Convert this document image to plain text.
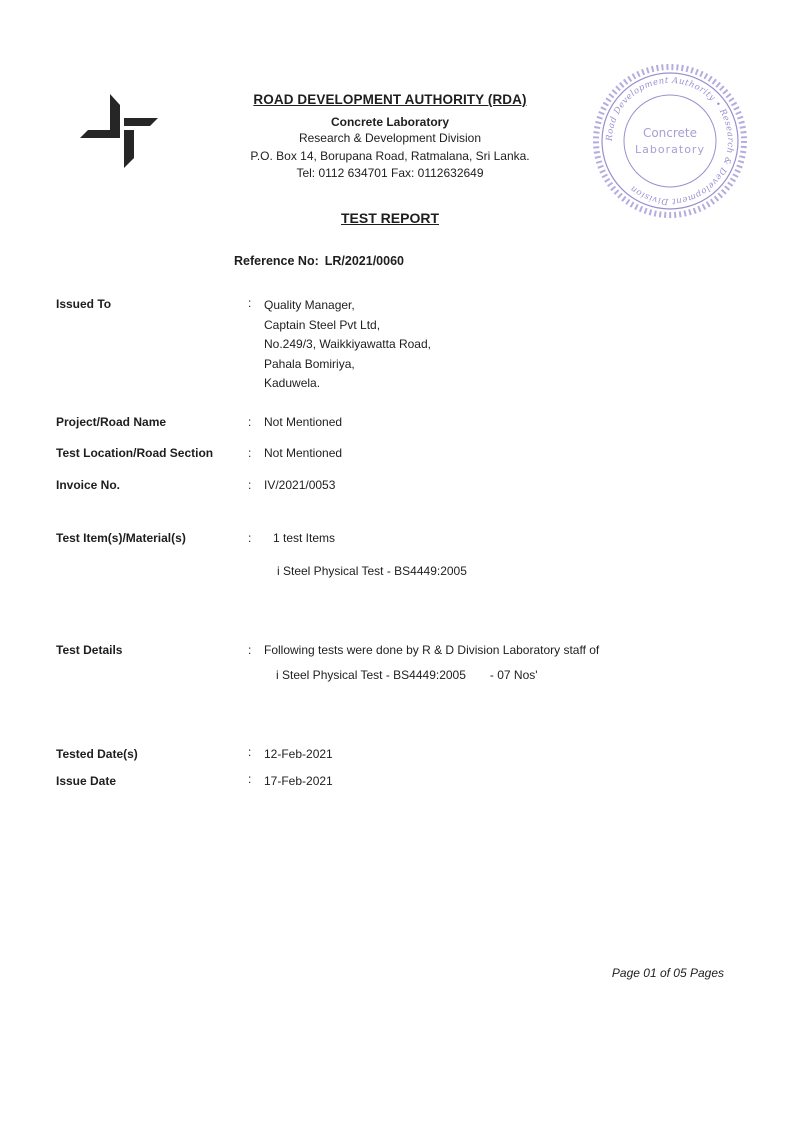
Road Development Authority • Research & Development Division
Concrete
Laboratory
ROAD DEVELOPMENT AUTHORITY (RDA)
Concrete Laboratory
Research & Development Division
P.O. Box 14, Borupana Road, Ratmalana, Sri Lanka.
Tel: 0112 634701 Fax: 0112632649
TEST REPORT
Reference No: LR/2021/0060
Issued To	: Quality Manager,
Captain Steel Pvt Ltd,
No.249/3, Waikkiyawatta Road,
Pahala Bomiriya,
Kaduwela.
Project/Road Name	: Not Mentioned
Test Location/Road Section	: Not Mentioned
Invoice No.	: IV/2021/0053
Test Item(s)/Material(s)	: 1 test Items
i Steel Physical Test - BS4449:2005
Test Details	: Following tests were done by R & D Division Laboratory staff of
i Steel Physical Test - BS4449:2005 - 07 Nos'
Tested Date(s)	: 12-Feb-2021
Issue Date	: 17-Feb-2021
Page 01 of 05 Pages
